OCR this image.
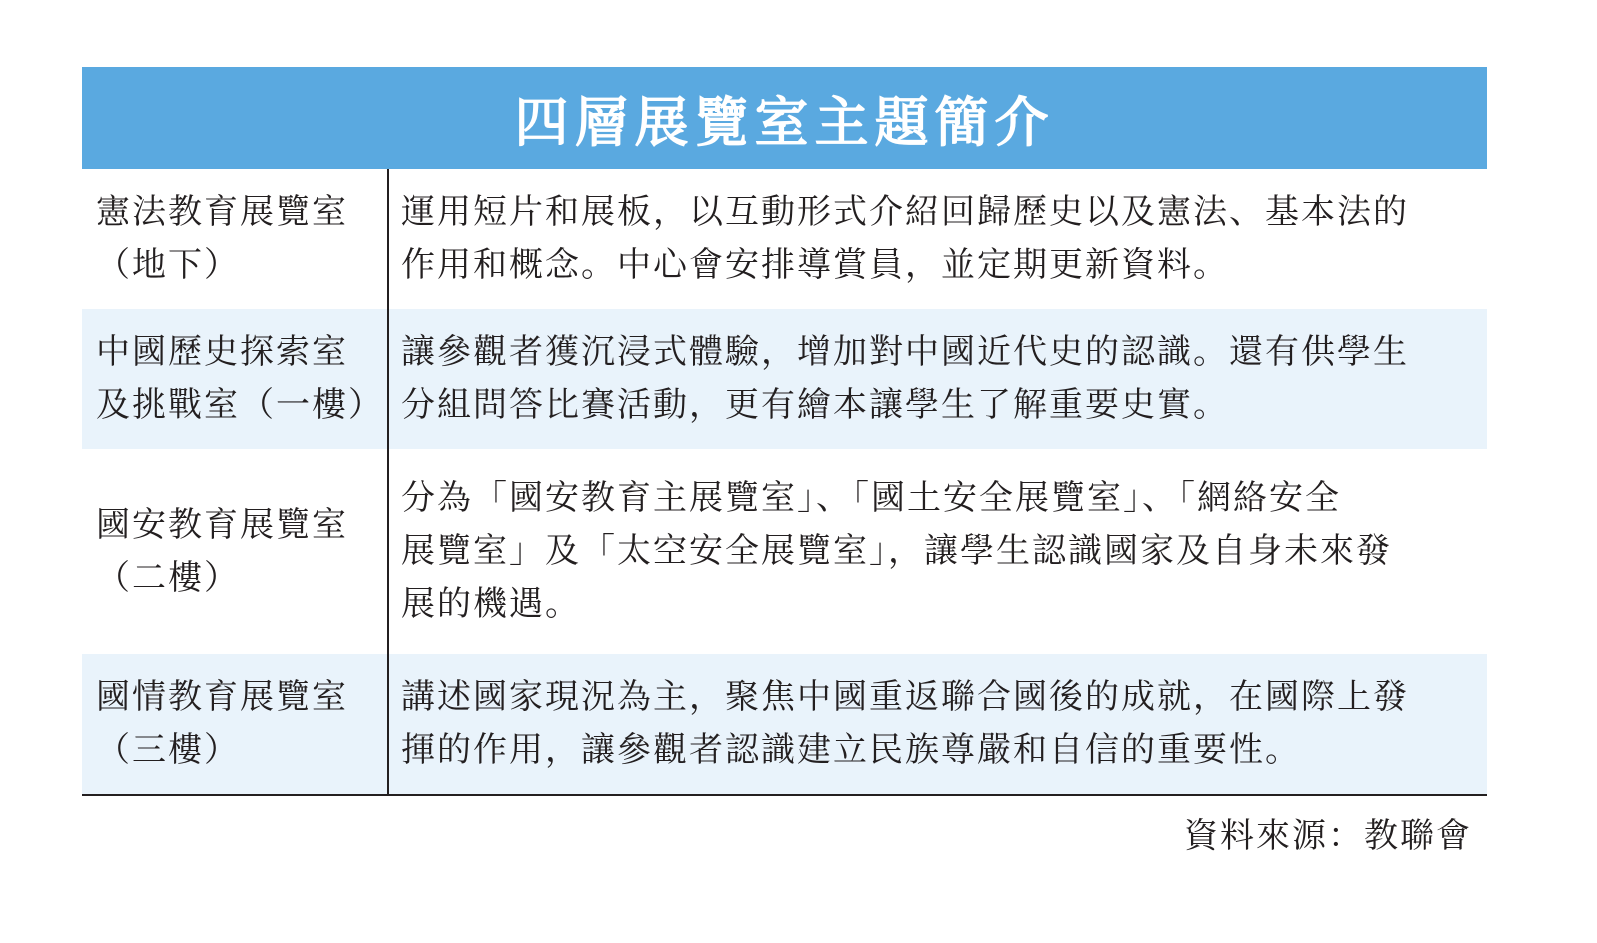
四層展覽室主題簡介
憲法教育展覽室
（地下）
運用短片和展板，以互動形式介紹回歸歷史以及憲法、基本法的
作用和概念。中心會安排導賞員，並定期更新資料。
中國歷史探索室
及挑戰室（一樓）
讓參觀者獲沉浸式體驗，增加對中國近代史的認識。還有供學生
分組問答比賽活動，更有繪本讓學生了解重要史實。
國安教育展覽室
（二樓）
分為「國安教育主展覽室」、「國土安全展覽室」、「網絡安全
展覽室」及「太空安全展覽室」，讓學生認識國家及自身未來發
展的機遇。
國情教育展覽室
（三樓）
講述國家現況為主，聚焦中國重返聯合國後的成就，在國際上發
揮的作用，讓參觀者認識建立民族尊嚴和自信的重要性。
資料來源：教聯會
